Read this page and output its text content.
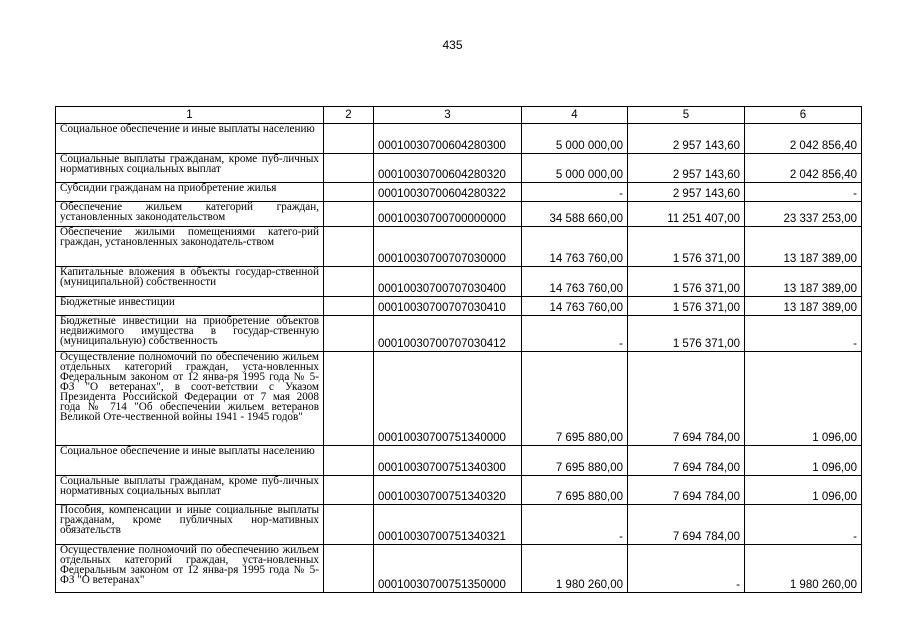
435
1	2	3	4	5	6
Социальное обеспечение и иные выплаты населению		00010030700604280300	5 000 000,00	2 957 143,60	2 042 856,40
Социальные выплаты гражданам, кроме пуб-личных нормативных социальных выплат		00010030700604280320	5 000 000,00	2 957 143,60	2 042 856,40
Субсидии гражданам на приобретение жилья		00010030700604280322	-	2 957 143,60	-
Обеспечение жильем категорий граждан, установленных законодательством		00010030700700000000	34 588 660,00	11 251 407,00	23 337 253,00
Обеспечение жилыми помещениями катего-рий граждан, установленных законодатель-ством		00010030700707030000	14 763 760,00	1 576 371,00	13 187 389,00
Капитальные вложения в объекты государ-ственной (муниципальной) собственности		00010030700707030400	14 763 760,00	1 576 371,00	13 187 389,00
Бюджетные инвестиции		00010030700707030410	14 763 760,00	1 576 371,00	13 187 389,00
Бюджетные инвестиции на приобретение объектов недвижимого имущества в государ-ственную (муниципальную) собственность		00010030700707030412	-	1 576 371,00	-
Осуществление полномочий по обеспечению жильем отдельных категорий граждан, уста-новленных Федеральным законом от 12 янва-ря 1995 года № 5-ФЗ "О ветеранах", в соот-ветствии с Указом Президента Российской Федерации от 7 мая 2008 года № 714 "Об обеспечении жильем ветеранов Великой Оте-чественной войны 1941 - 1945 годов"		00010030700751340000	7 695 880,00	7 694 784,00	1 096,00
Социальное обеспечение и иные выплаты населению		00010030700751340300	7 695 880,00	7 694 784,00	1 096,00
Социальные выплаты гражданам, кроме пуб-личных нормативных социальных выплат		00010030700751340320	7 695 880,00	7 694 784,00	1 096,00
Пособия, компенсации и иные социальные выплаты гражданам, кроме публичных нор-мативных обязательств		00010030700751340321	-	7 694 784,00	-
Осуществление полномочий по обеспечению жильем отдельных категорий граждан, уста-новленных Федеральным законом от 12 янва-ря 1995 года № 5-ФЗ "О ветеранах"		00010030700751350000	1 980 260,00	-	1 980 260,00
